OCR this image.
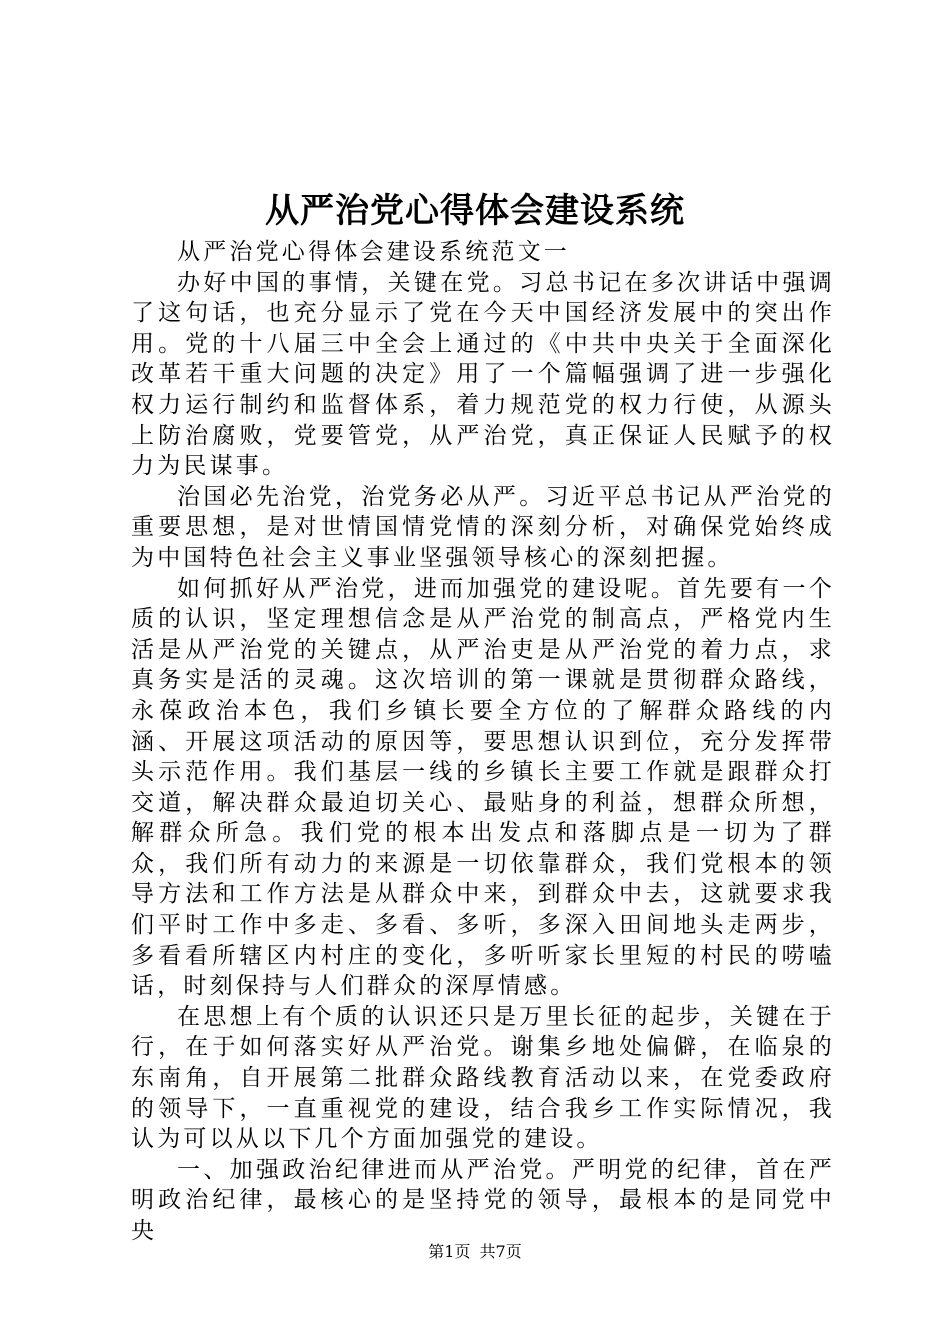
从严治党心得体会建设系统

从严治党心得体会建设系统范文一

办好中国的事情，关键在党。习总书记在多次讲话中强调了这句话，也充分显示了党在今天中国经济发展中的突出作用。党的十八届三中全会上通过的《中共中央关于全面深化改革若干重大问题的决定》用了一个篇幅强调了进一步强化权力运行制约和监督体系，着力规范党的权力行使，从源头上防治腐败，党要管党，从严治党，真正保证人民赋予的权力为民谋事。

治国必先治党，治党务必从严。习近平总书记从严治党的重要思想，是对世情国情党情的深刻分析，对确保党始终成为中国特色社会主义事业坚强领导核心的深刻把握。

如何抓好从严治党，进而加强党的建设呢。首先要有一个质的认识，坚定理想信念是从严治党的制高点，严格党内生活是从严治党的关键点，从严治吏是从严治党的着力点，求真务实是活的灵魂。这次培训的第一课就是贯彻群众路线，永葆政治本色，我们乡镇长要全方位的了解群众路线的内涵、开展这项活动的原因等，要思想认识到位，充分发挥带头示范作用。我们基层一线的乡镇长主要工作就是跟群众打交道，解决群众最迫切关心、最贴身的利益，想群众所想，解群众所急。我们党的根本出发点和落脚点是一切为了群众，我们所有动力的来源是一切依靠群众，我们党根本的领导方法和工作方法是从群众中来，到群众中去，这就要求我们平时工作中多走、多看、多听，多深入田间地头走两步，多看看所辖区内村庄的变化，多听听家长里短的村民的唠嗑话，时刻保持与人们群众的深厚情感。

在思想上有个质的认识还只是万里长征的起步，关键在于行，在于如何落实好从严治党。谢集乡地处偏僻，在临泉的东南角，自开展第二批群众路线教育活动以来，在党委政府的领导下，一直重视党的建设，结合我乡工作实际情况，我认为可以从以下几个方面加强党的建设。

一、加强政治纪律进而从严治党。严明党的纪律，首在严明政治纪律，最核心的是坚持党的领导，最根本的是同党中央

第1页 共7页
